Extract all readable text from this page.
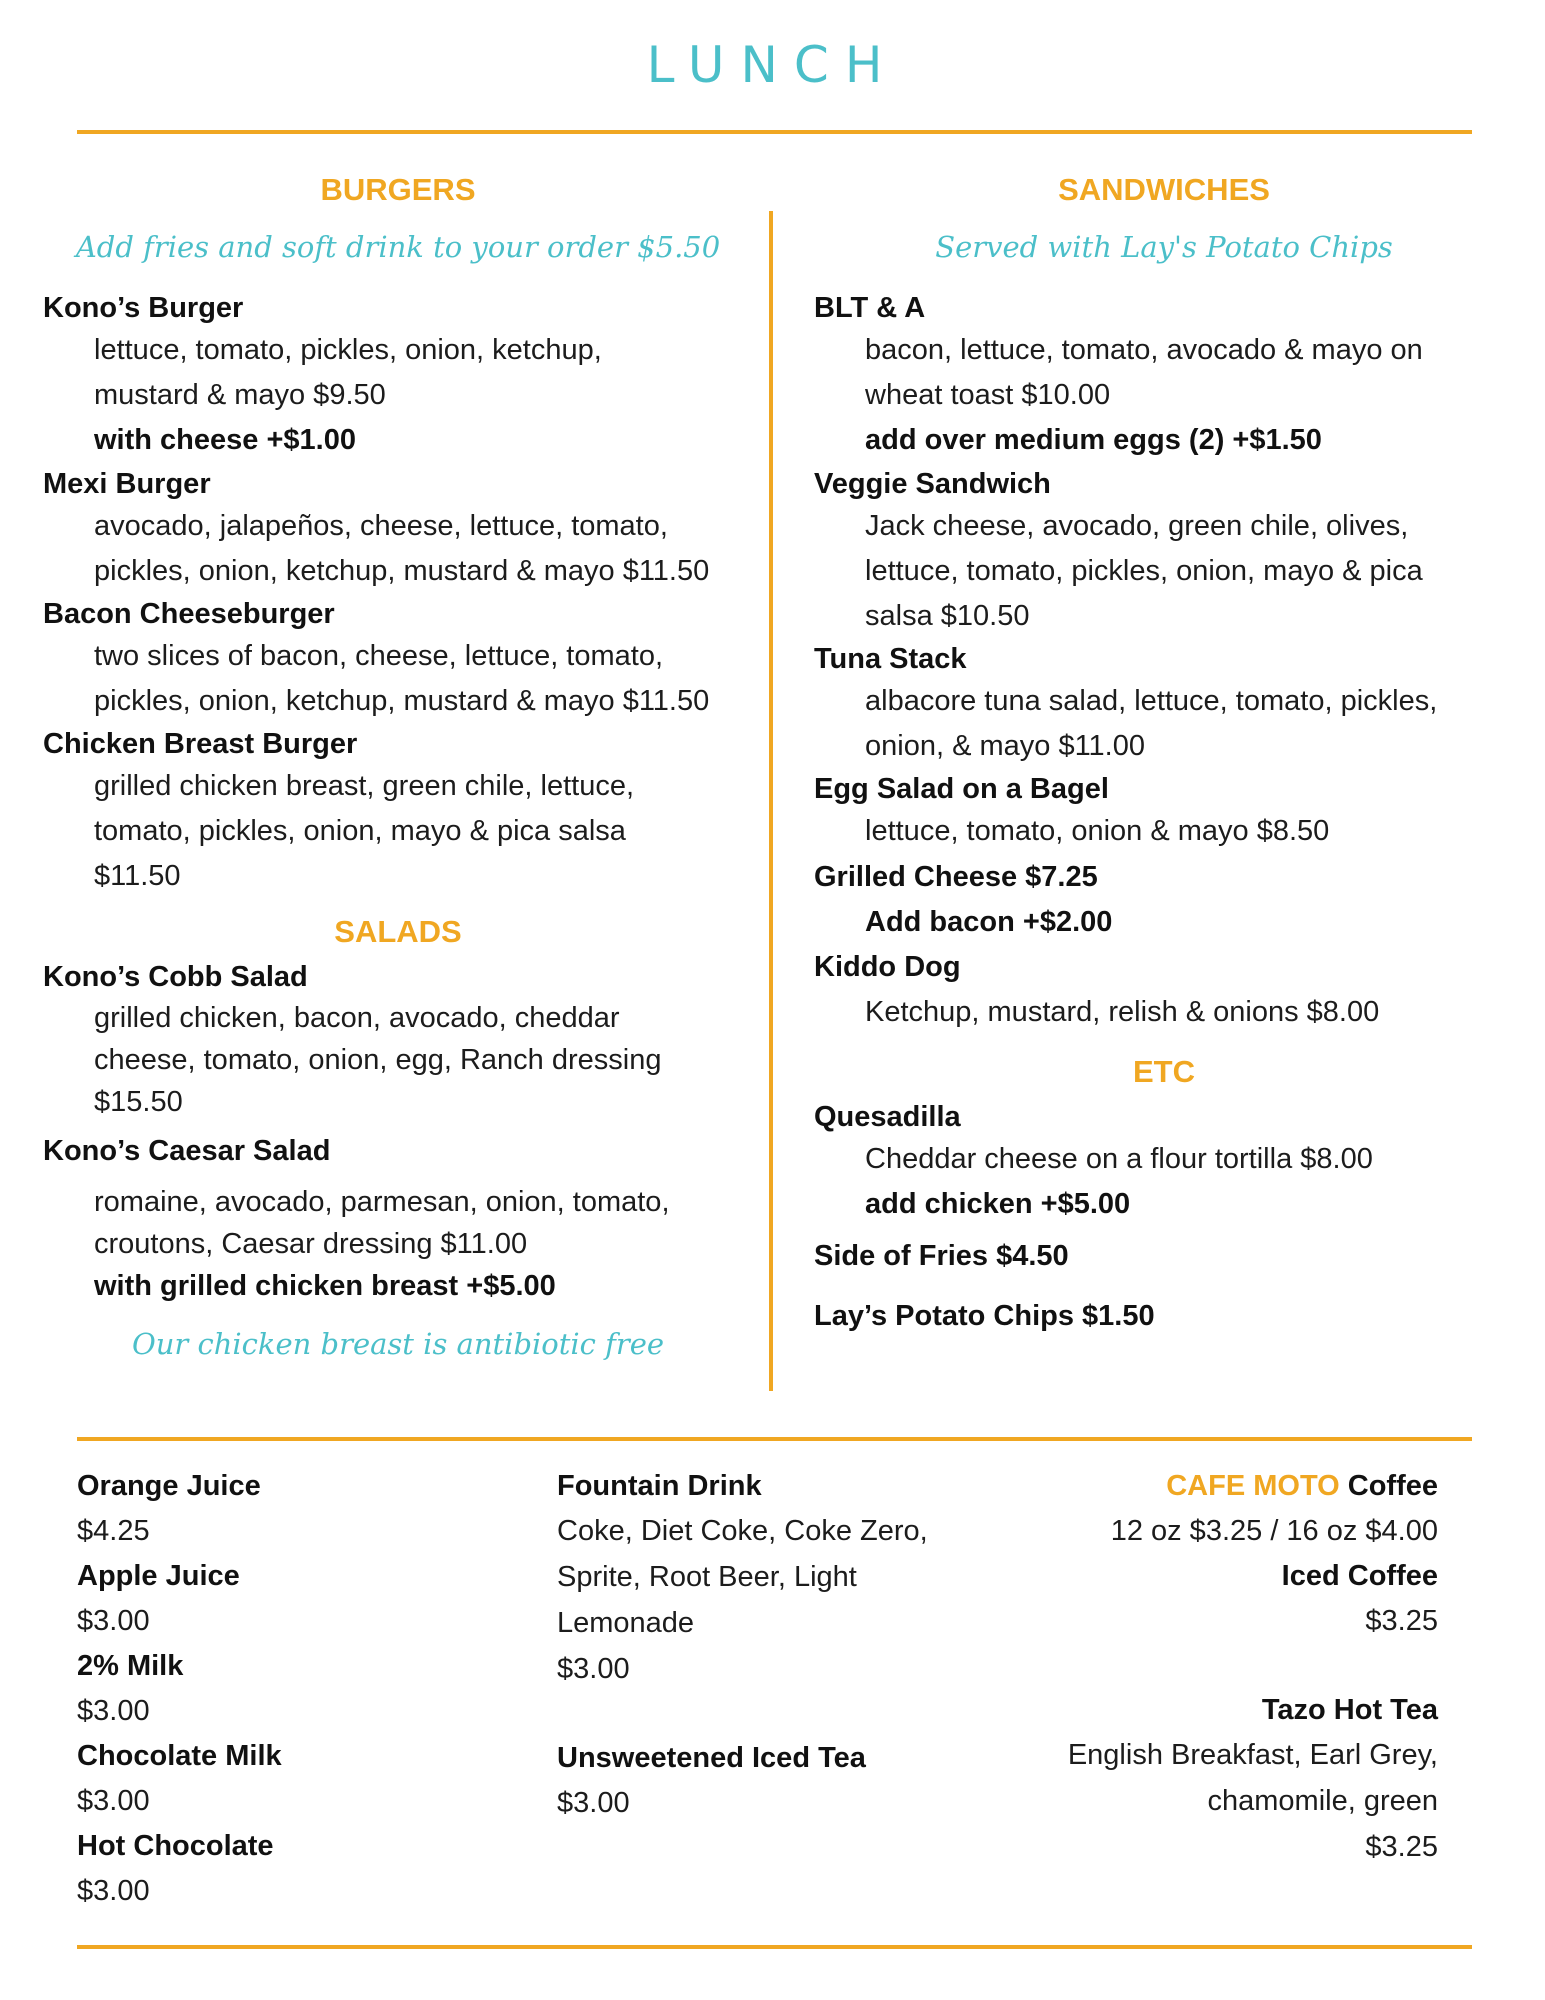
LUNCH
BURGERS
Add fries and soft drink to your order $5.50

Kono’s Burger

lettuce, tomato, pickles, onion, ketchup,

mustard & mayo $9.50

with cheese +$1.00

Mexi Burger

avocado, jalapeños, cheese, lettuce, tomato,

pickles, onion, ketchup, mustard & mayo $11.50

Bacon Cheeseburger

two slices of bacon, cheese, lettuce, tomato,

pickles, onion, ketchup, mustard & mayo $11.50

Chicken Breast Burger

grilled chicken breast, green chile, lettuce,

tomato, pickles, onion, mayo & pica salsa

$11.50

SALADS

Kono’s Cobb Salad

grilled chicken, bacon, avocado, cheddar

cheese, tomato, onion, egg, Ranch dressing

$15.50

Kono’s Caesar Salad

romaine, avocado, parmesan, onion, tomato,

croutons, Caesar dressing $11.00

with grilled chicken breast +$5.00

Our chicken breast is antibiotic free
SANDWICHES
Served with Lay's Potato Chips

BLT & A

bacon, lettuce, tomato, avocado & mayo on

wheat toast $10.00

add over medium eggs (2) +$1.50

Veggie Sandwich

Jack cheese, avocado, green chile, olives,

lettuce, tomato, pickles, onion, mayo & pica

salsa $10.50

Tuna Stack

albacore tuna salad, lettuce, tomato, pickles,

onion, & mayo $11.00

Egg Salad on a Bagel

lettuce, tomato, onion & mayo $8.50

Grilled Cheese $7.25

Add bacon +$2.00

Kiddo Dog

Ketchup, mustard, relish & onions $8.00

ETC

Quesadilla

Cheddar cheese on a flour tortilla $8.00

add chicken +$5.00

Side of Fries $4.50

Lay’s Potato Chips $1.50

Orange Juice
$4.25
Apple Juice
$3.00
2% Milk
$3.00
Chocolate Milk
$3.00
Hot Chocolate
$3.00
Fountain Drink
Coke, Diet Coke, Coke Zero,
Sprite, Root Beer, Light
Lemonade
$3.00
Unsweetened Iced Tea
$3.00
CAFE MOTO Coffee
12 oz $3.25 / 16 oz $4.00
Iced Coffee
$3.25
Tazo Hot Tea
English Breakfast, Earl Grey,
chamomile, green
$3.25
